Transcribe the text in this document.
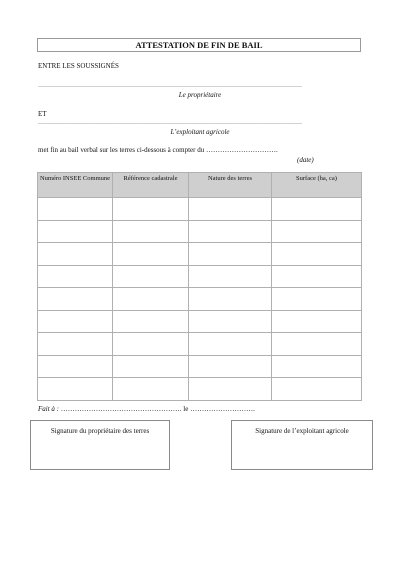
ATTESTATION DE FIN DE BAIL
ENTRE LES SOUSSIGNÉS
……………………………………………………………………………………………………………………
Le propriétaire
ET
……………………………………………………………………………………………………………………
L’exploitant agricole
met fin au bail verbal sur les terres ci-dessous à compter du ………………………….
(date)
Numéro INSEE Commune	Référence cadastrale	Nature des terres	Surface (ha, ca)

Fait à : ……………………………………………. le ……………………….
Signature du propriétaire des terres	Signature de l’exploitant agricole
